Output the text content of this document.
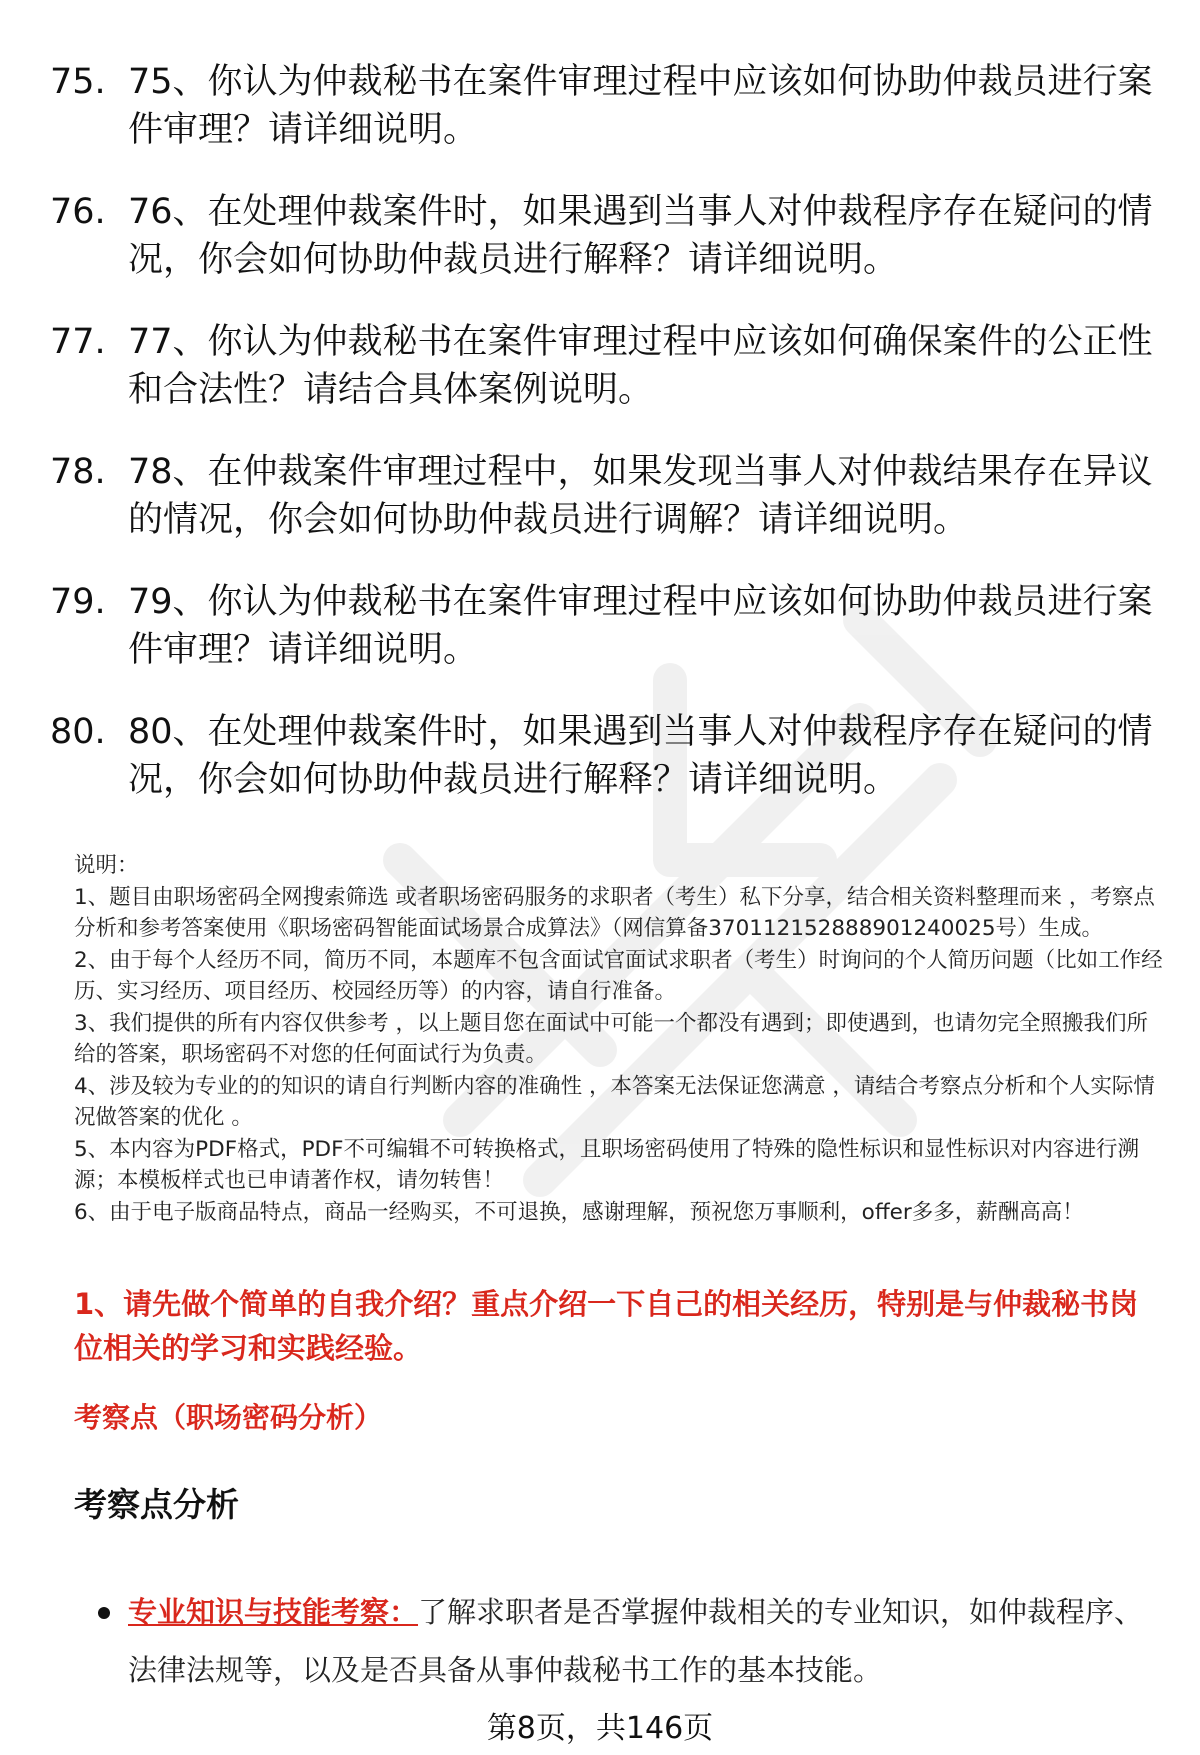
75. 75、你认为仲裁秘书在案件审理过程中应该如何协助仲裁员进行案件审理？请详细说明。
76. 76、在处理仲裁案件时，如果遇到当事人对仲裁程序存在疑问的情况，你会如何协助仲裁员进行解释？请详细说明。
77. 77、你认为仲裁秘书在案件审理过程中应该如何确保案件的公正性和合法性？请结合具体案例说明。
78. 78、在仲裁案件审理过程中，如果发现当事人对仲裁结果存在异议的情况，你会如何协助仲裁员进行调解？请详细说明。
79. 79、你认为仲裁秘书在案件审理过程中应该如何协助仲裁员进行案件审理？请详细说明。
80. 80、在处理仲裁案件时，如果遇到当事人对仲裁程序存在疑问的情况，你会如何协助仲裁员进行解释？请详细说明。

说明：

1、题目由职场密码全网搜索筛选 或者职场密码服务的求职者（考生）私下分享，结合相关资料整理而来 ，考察点分析和参考答案使用《职场密码智能面试场景合成算法》（网信算备370112152888901240025号）生成。

2、由于每个人经历不同，简历不同，本题库不包含面试官面试求职者（考生）时询问的个人简历问题（比如工作经历、实习经历、项目经历、校园经历等）的内容，请自行准备。

3、我们提供的所有内容仅供参考 ，以上题目您在面试中可能一个都没有遇到；即使遇到，也请勿完全照搬我们所给的答案，职场密码不对您的任何面试行为负责。

4、涉及较为专业的的知识的请自行判断内容的准确性 ，本答案无法保证您满意 ，请结合考察点分析和个人实际情况做答案的优化 。

5、本内容为PDF格式，PDF不可编辑不可转换格式，且职场密码使用了特殊的隐性标识和显性标识对内容进行溯源；本模板样式也已申请著作权，请勿转售！

6、由于电子版商品特点，商品一经购买，不可退换，感谢理解，预祝您万事顺利，offer多多，薪酬高高！

1、请先做个简单的自我介绍？重点介绍一下自己的相关经历，特别是与仲裁秘书岗位相关的学习和实践经验。
考察点（职场密码分析）
考察点分析
专业知识与技能考察：了解求职者是否掌握仲裁相关的专业知识，如仲裁程序、法律法规等，以及是否具备从事仲裁秘书工作的基本技能。
第8页，共146页
